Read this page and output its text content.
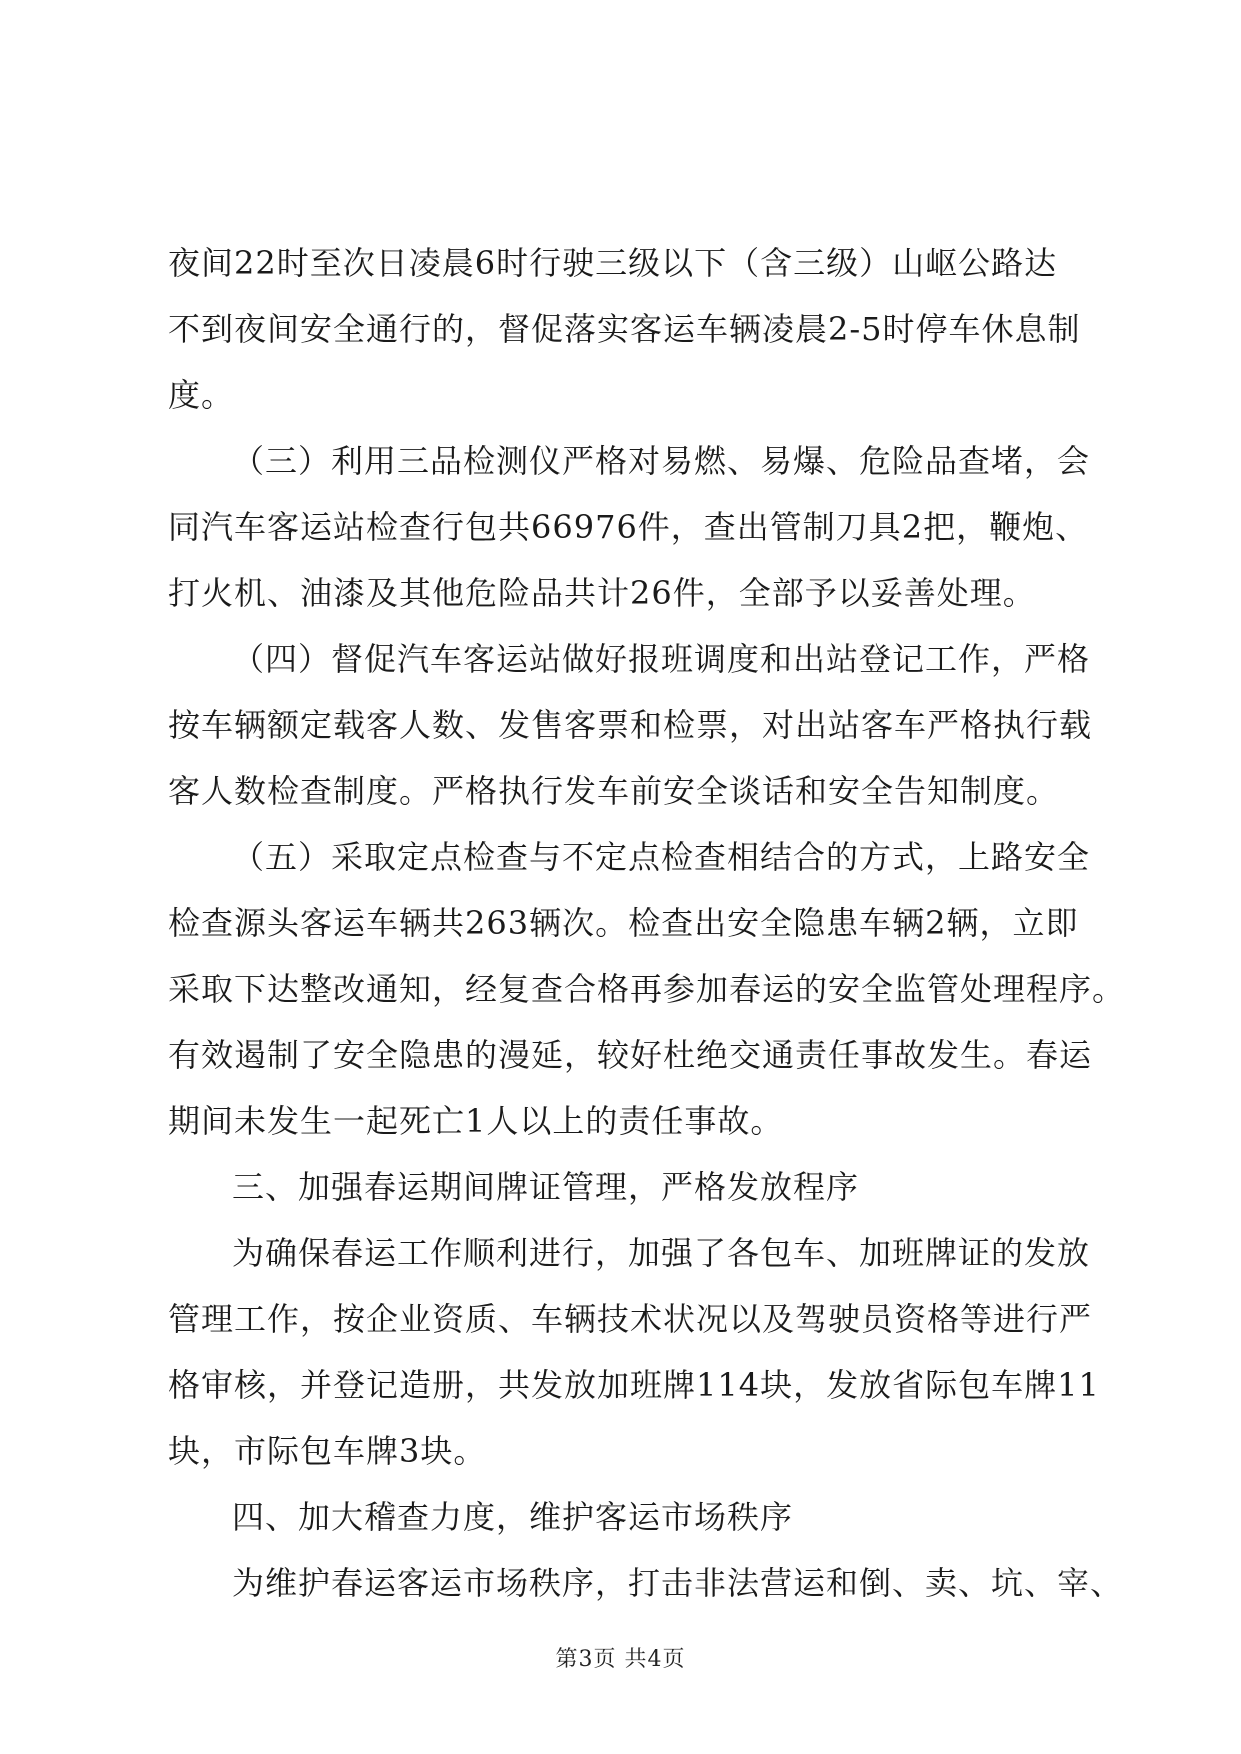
夜间22时至次日凌晨6时行驶三级以下（含三级）山岖公路达
不到夜间安全通行的，督促落实客运车辆凌晨2-5时停车休息制
度。
（三）利用三品检测仪严格对易燃、易爆、危险品查堵，会
同汽车客运站检查行包共66976件，查出管制刀具2把，鞭炮、
打火机、油漆及其他危险品共计26件，全部予以妥善处理。
（四）督促汽车客运站做好报班调度和出站登记工作，严格
按车辆额定载客人数、发售客票和检票，对出站客车严格执行载
客人数检查制度。严格执行发车前安全谈话和安全告知制度。
（五）采取定点检查与不定点检查相结合的方式，上路安全
检查源头客运车辆共263辆次。检查出安全隐患车辆2辆，立即
采取下达整改通知，经复查合格再参加春运的安全监管处理程序。
有效遏制了安全隐患的漫延，较好杜绝交通责任事故发生。春运
期间未发生一起死亡1人以上的责任事故。
三、加强春运期间牌证管理，严格发放程序
为确保春运工作顺利进行，加强了各包车、加班牌证的发放
管理工作，按企业资质、车辆技术状况以及驾驶员资格等进行严
格审核，并登记造册，共发放加班牌114块，发放省际包车牌11
块，市际包车牌3块。
四、加大稽查力度，维护客运市场秩序
为维护春运客运市场秩序，打击非法营运和倒、卖、坑、宰、
第3页 共4页
